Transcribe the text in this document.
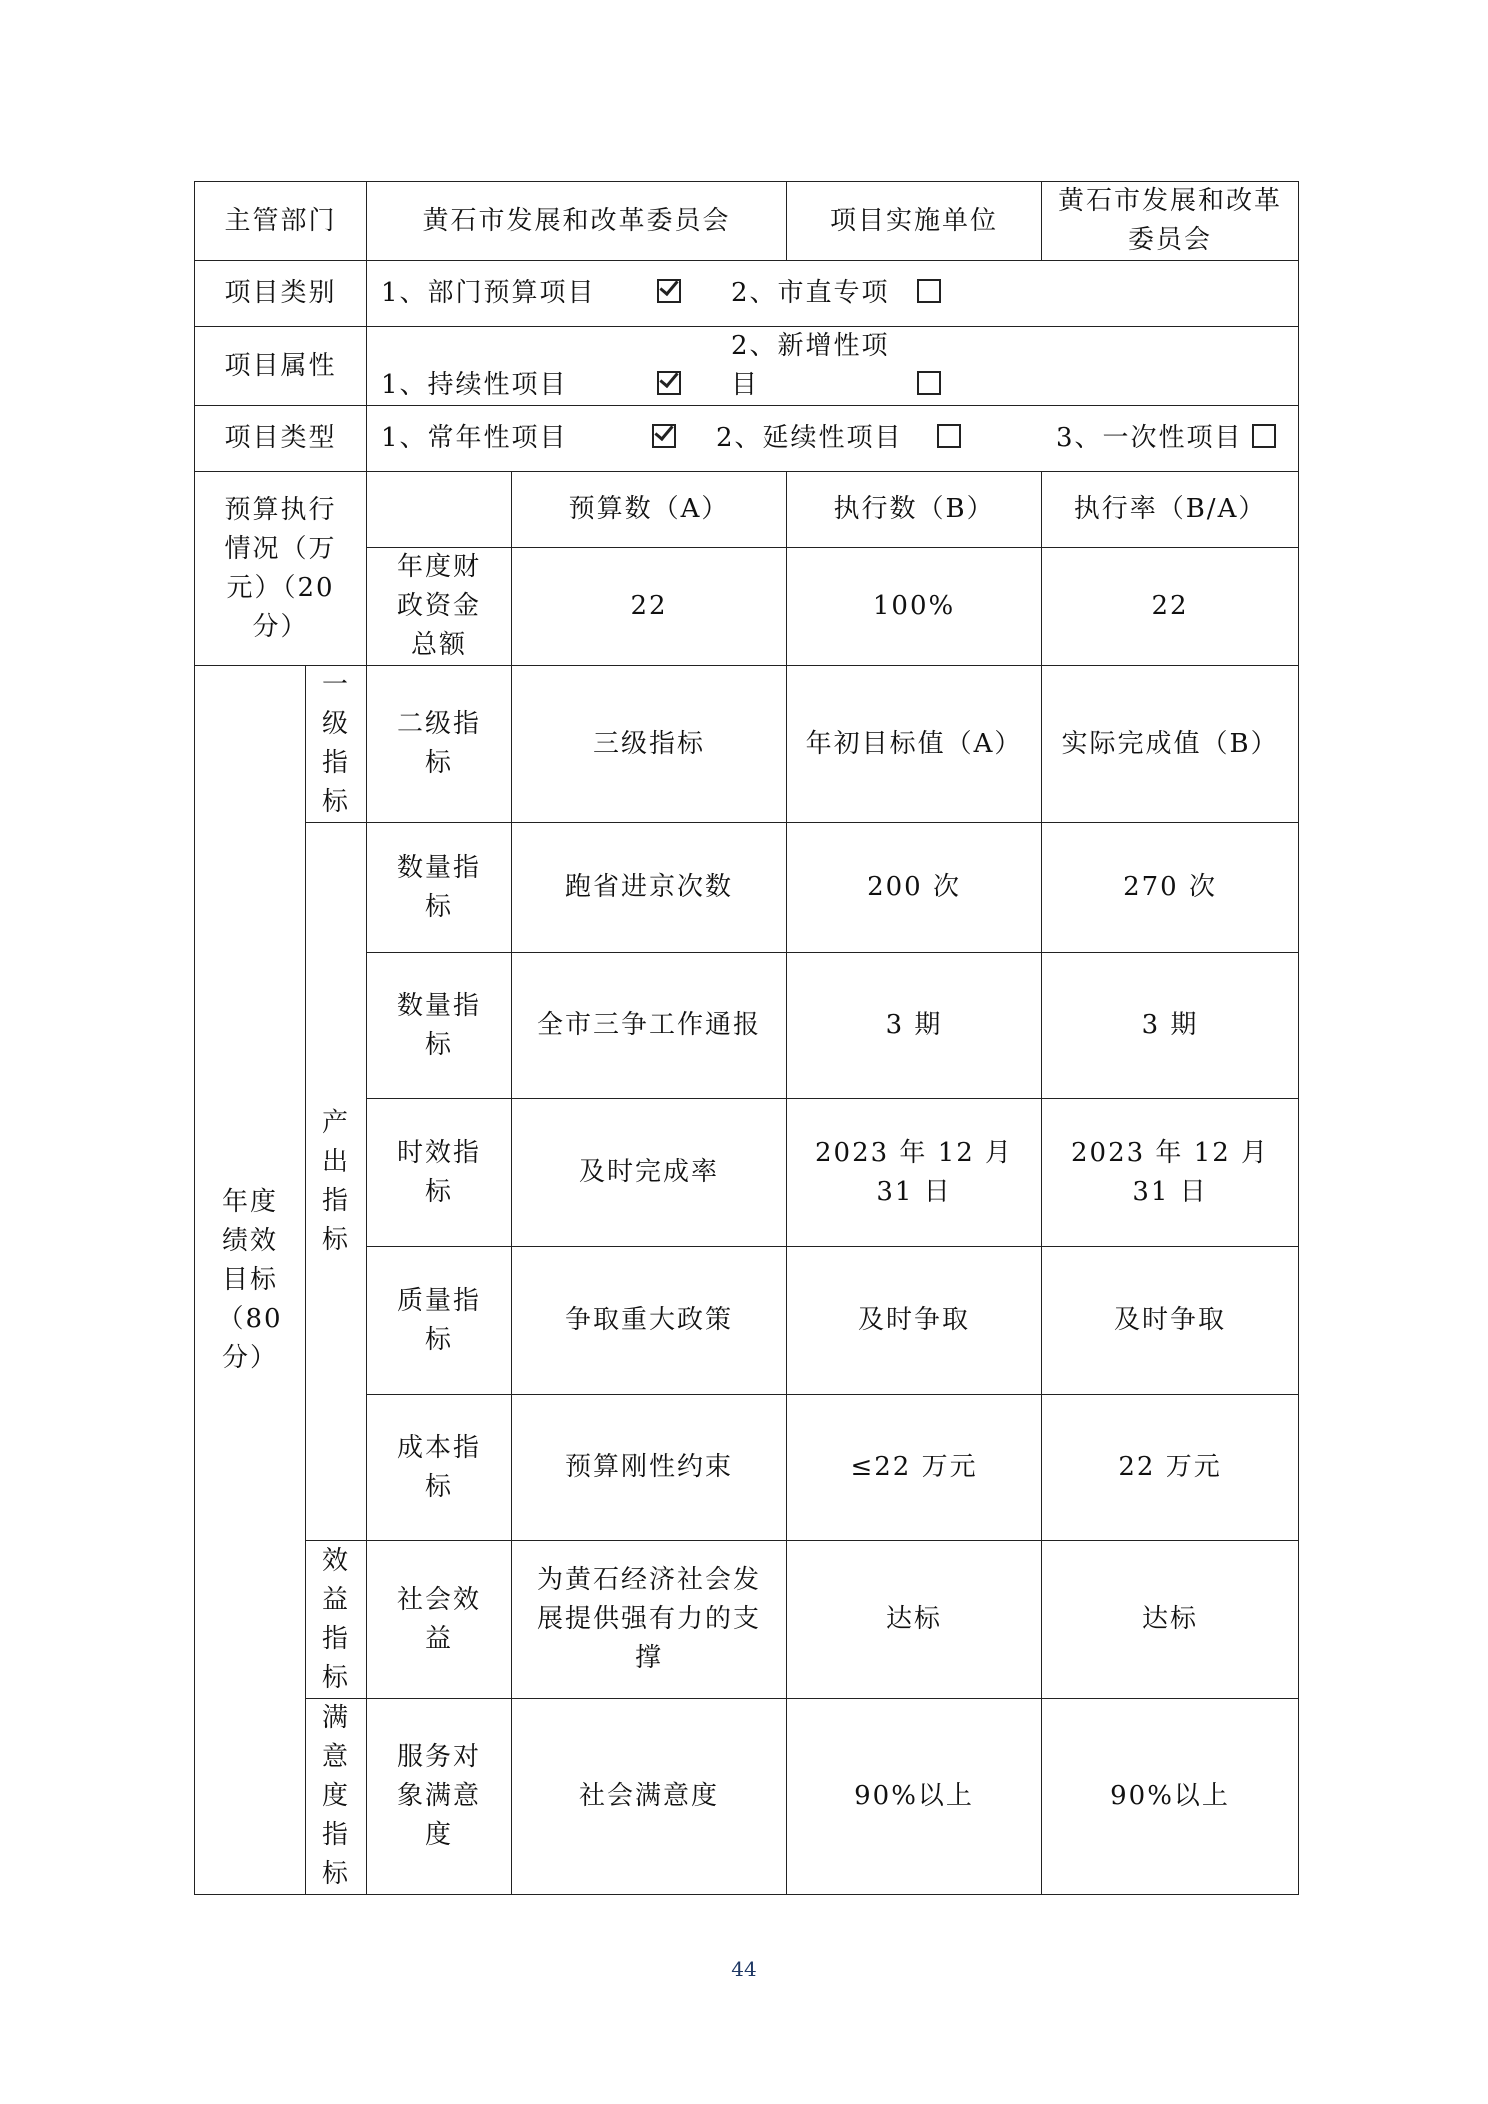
主管部门		黄石市发展和改革委员会		项目实施单位	黄石市发展和改革委员会
项目类别		1、部门预算项目 2、市直专项			
项目属性		1、持续性项目2、新增性项目			
项目类型		1、常年性项目 2、延续性项目 3、一次性项目			
预算执行情况（万元）（20分）			预算数（A）	执行数（B）	执行率（B/A）
		年度财政资金总额	22	100%	22
年度绩效目标（80分）	一级指标	二级指标	三级指标	年初目标值（A）	实际完成值（B）
	产出指标	数量指标	跑省进京次数	200 次	270 次
		数量指标	全市三争工作通报	3 期	3 期
		时效指标	及时完成率	2023 年 12 月 31 日	2023 年 12 月 31 日
		质量指标	争取重大政策	及时争取	及时争取
		成本指标	预算刚性约束	≤22 万元	22 万元
	效益指标	社会效益	为黄石经济社会发展提供强有力的支撑	达标	达标
	满意度指标	服务对象满意度	社会满意度	90%以上	90%以上
44
